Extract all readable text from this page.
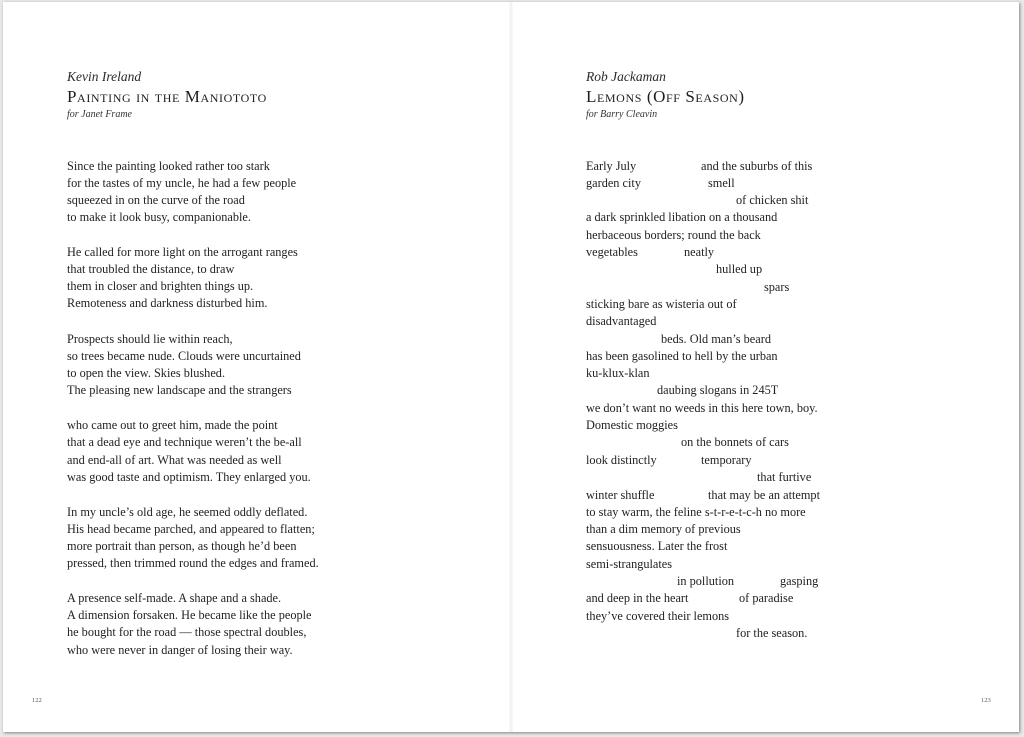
Kevin Ireland
Painting in the Maniototo
for Janet Frame
Since the painting looked rather too stark
for the tastes of my uncle, he had a few people
squeezed in on the curve of the road
to make it look busy, companionable.
He called for more light on the arrogant ranges
that troubled the distance, to draw
them in closer and brighten things up.
Remoteness and darkness disturbed him.
Prospects should lie within reach,
so trees became nude. Clouds were uncurtained
to open the view. Skies blushed.
The pleasing new landscape and the strangers
who came out to greet him, made the point
that a dead eye and technique weren’t the be-all
and end-all of art. What was needed as well
was good taste and optimism. They enlarged you.
In my uncle’s old age, he seemed oddly deflated.
His head became parched, and appeared to flatten;
more portrait than person, as though he’d been
pressed, then trimmed round the edges and framed.
A presence self-made. A shape and a shade.
A dimension forsaken. He became like the people
he bought for the road — those spectral doubles,
who were never in danger of losing their way.
122
Rob Jackaman
Lemons (Off Season)
for Barry Cleavin
Early July	and the suburbs of this
garden city	smell
of chicken shit
a dark sprinkled libation on a thousand
herbaceous borders; round the back
vegetables	neatly
hulled up
spars
sticking bare as wisteria out of
disadvantaged
beds. Old man’s beard
has been gasolined to hell by the urban
ku-klux-klan
daubing slogans in 245T
we don’t want no weeds in this here town, boy.
Domestic moggies
on the bonnets of cars
look distinctly	temporary
that furtive
winter shuffle	that may be an attempt
to stay warm, the feline s-t-r-e-t-c-h no more
than a dim memory of previous
sensuousness. Later the frost
semi-strangulates
in pollution	gasping
and deep in the heart	of paradise
they’ve covered their lemons
for the season.
123
